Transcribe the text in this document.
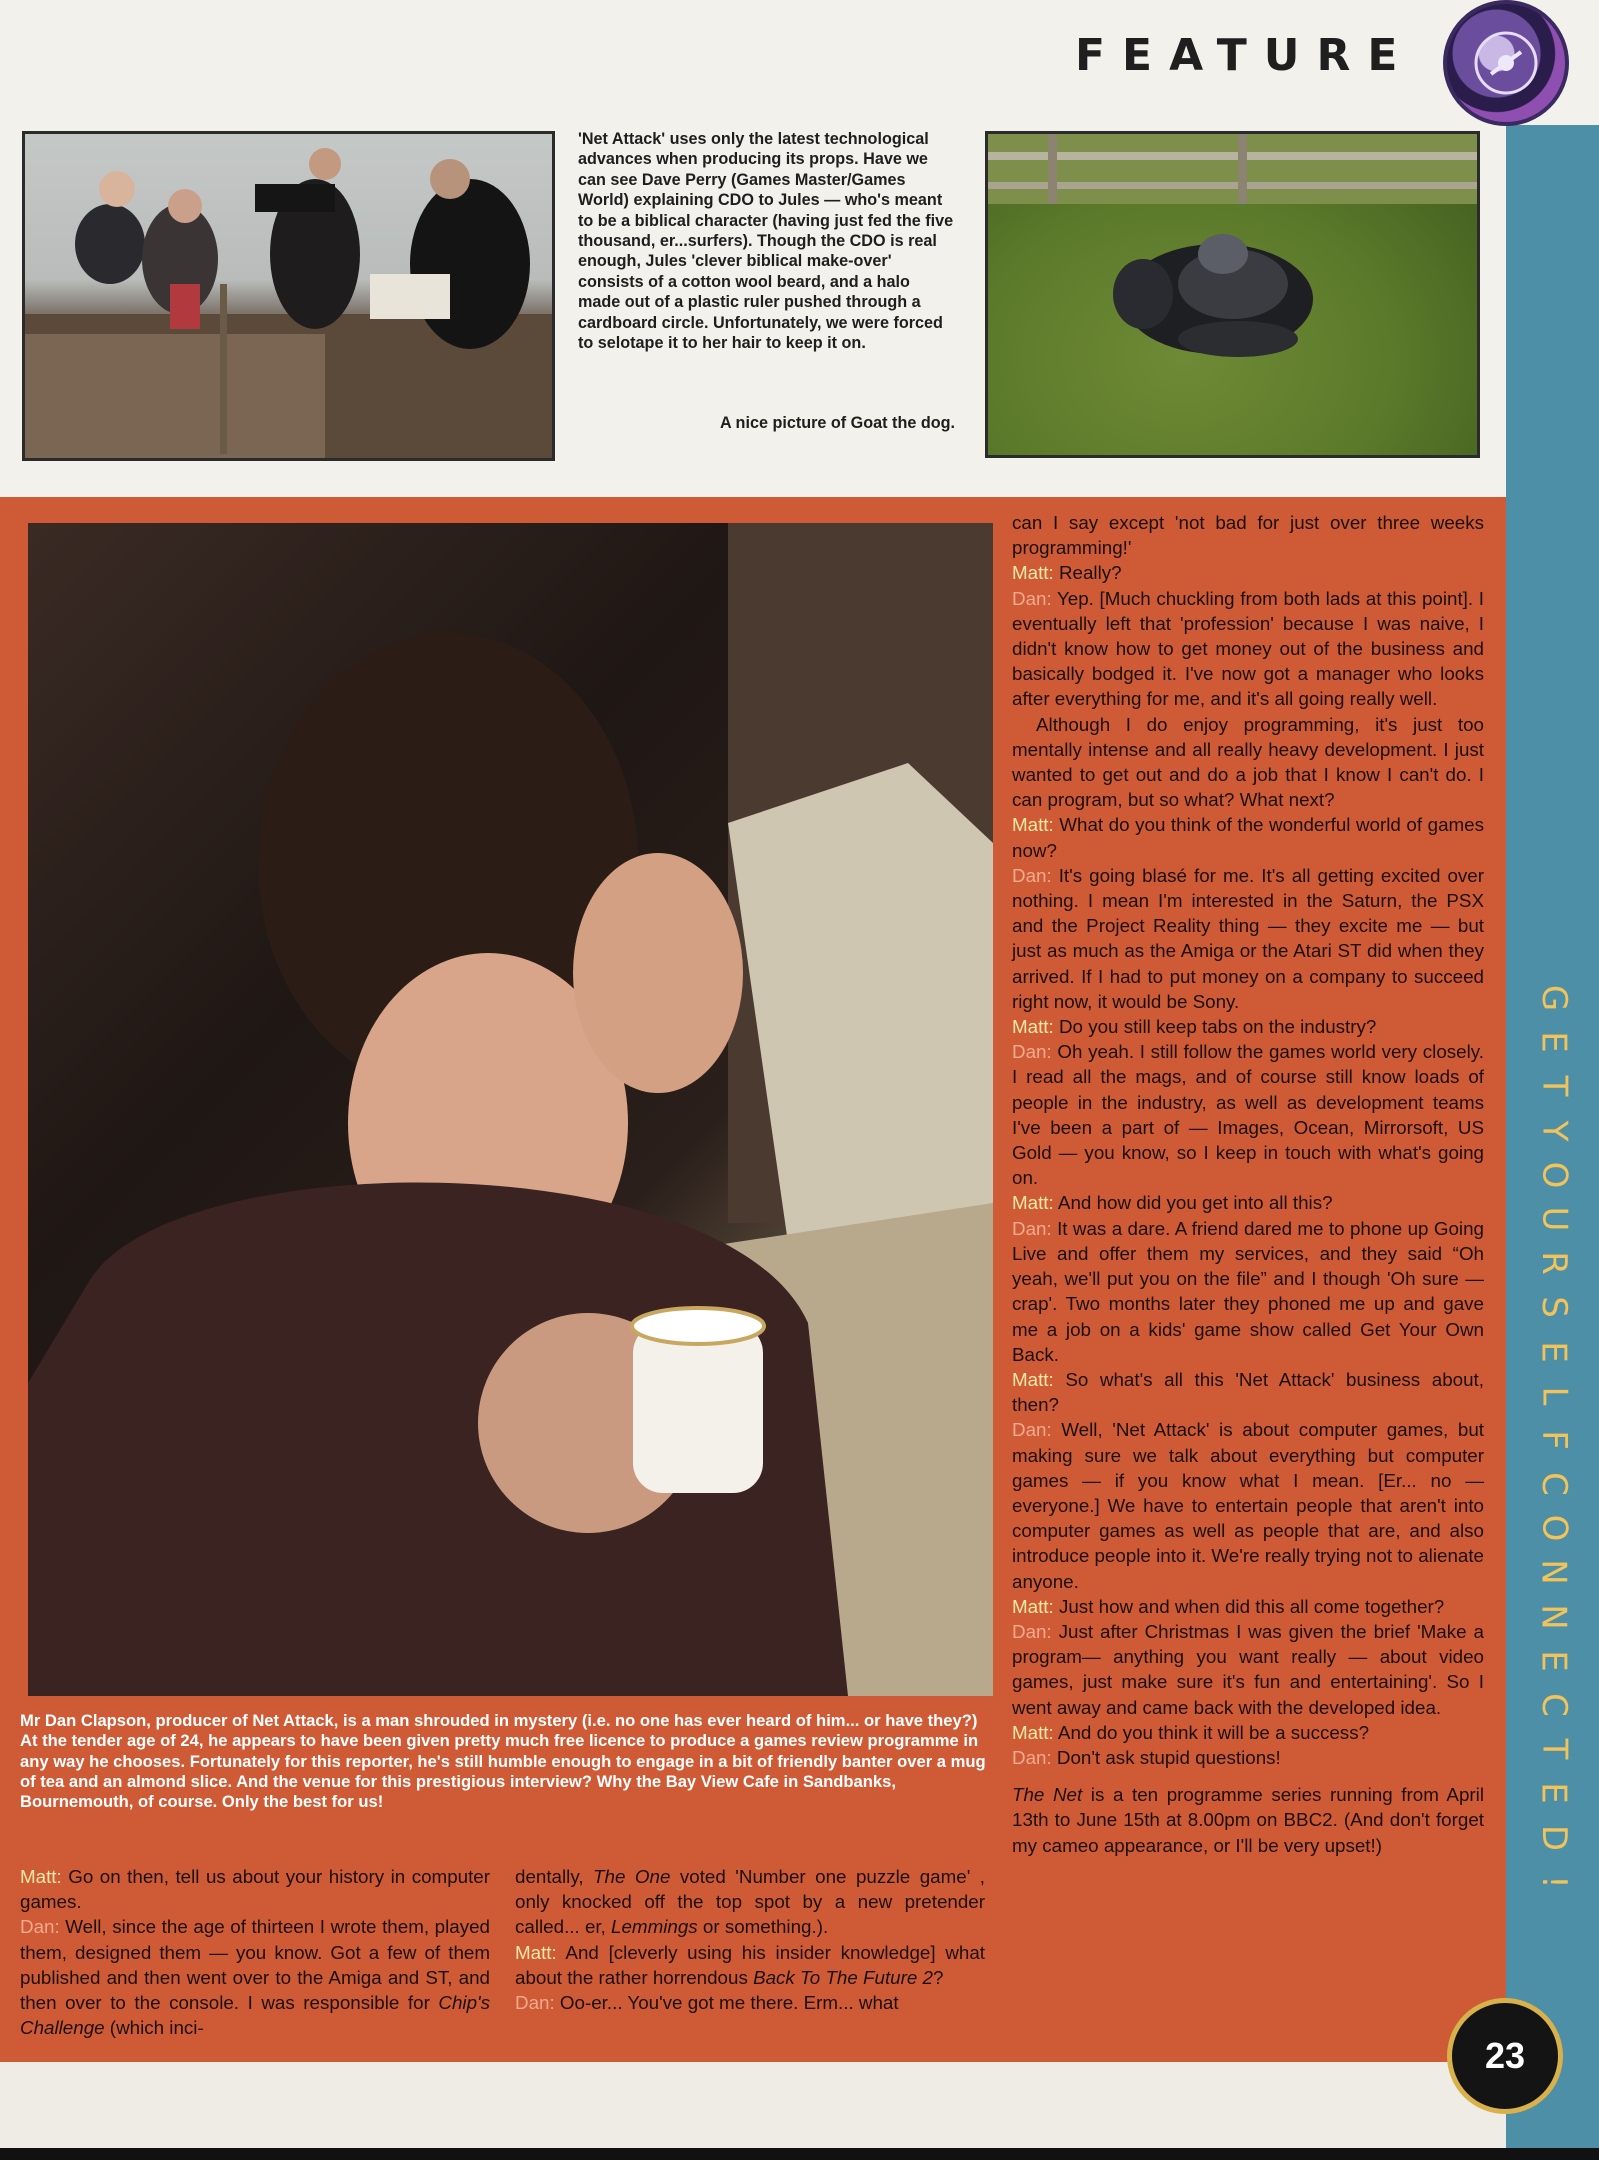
G
E
T
Y
O
U
R
S
E
L
F
C
O
N
N
E
C
T
E
D
!
FEATURE
'Net Attack' uses only the latest technological advances when producing its props. Have we can see Dave Perry (Games Master/Games World) explaining CDO to Jules — who's meant to be a biblical character (having just fed the five thousand, er...surfers). Though the CDO is real enough, Jules 'clever biblical make-over' consists of a cotton wool beard, and a halo made out of a plastic ruler pushed through a cardboard circle. Unfortunately, we were forced to selotape it to her hair to keep it on.
A nice picture of Goat the dog.
Mr Dan Clapson, producer of Net Attack, is a man shrouded in mystery (i.e. no one has ever heard of him... or have they?) At the tender age of 24, he appears to have been given pretty much free licence to produce a games review programme in any way he chooses. Fortunately for this reporter, he's still humble enough to engage in a bit of friendly banter over a mug of tea and an almond slice. And the venue for this prestigious interview? Why the Bay View Cafe in Sandbanks, Bournemouth, of course. Only the best for us!

Matt: Go on then, tell us about your history in computer games.

Dan: Well, since the age of thirteen I wrote them, played them, designed them — you know. Got a few of them published and then went over to the Amiga and ST, and then over to the console. I was responsible for Chip's Challenge (which inci-

dentally, The One voted 'Number one puzzle game' , only knocked off the top spot by a new pretender called... er, Lemmings or something.).

Matt: And [cleverly using his insider knowledge] what about the rather horrendous Back To The Future 2?

Dan: Oo-er... You've got me there. Erm... what

can I say except 'not bad for just over three weeks programming!'

Matt: Really?

Dan: Yep. [Much chuckling from both lads at this point]. I eventually left that 'profession' because I was naive, I didn't know how to get money out of the business and basically bodged it. I've now got a manager who looks after everything for me, and it's all going really well.

Although I do enjoy programming, it's just too mentally intense and all really heavy development. I just wanted to get out and do a job that I know I can't do. I can program, but so what? What next?

Matt: What do you think of the wonderful world of games now?

Dan: It's going blasé for me. It's all getting excited over nothing. I mean I'm interested in the Saturn, the PSX and the Project Reality thing — they excite me — but just as much as the Amiga or the Atari ST did when they arrived. If I had to put money on a company to succeed right now, it would be Sony.

Matt: Do you still keep tabs on the industry?

Dan: Oh yeah. I still follow the games world very closely. I read all the mags, and of course still know loads of people in the industry, as well as development teams I've been a part of — Images, Ocean, Mirrorsoft, US Gold — you know, so I keep in touch with what's going on.

Matt: And how did you get into all this?

Dan: It was a dare. A friend dared me to phone up Going Live and offer them my services, and they said “Oh yeah, we'll put you on the file” and I though 'Oh sure — crap'. Two months later they phoned me up and gave me a job on a kids' game show called Get Your Own Back.

Matt: So what's all this 'Net Attack' business about, then?

Dan: Well, 'Net Attack' is about computer games, but making sure we talk about everything but computer games — if you know what I mean. [Er... no — everyone.] We have to entertain people that aren't into computer games as well as people that are, and also introduce people into it. We're really trying not to alienate anyone.

Matt: Just how and when did this all come together?

Dan: Just after Christmas I was given the brief 'Make a program— anything you want really — about video games, just make sure it's fun and entertaining'. So I went away and came back with the developed idea.

Matt: And do you think it will be a success?

Dan: Don't ask stupid questions!

The Net is a ten programme series running from April 13th to June 15th at 8.00pm on BBC2. (And don't forget my cameo appearance, or I'll be very upset!)

23
